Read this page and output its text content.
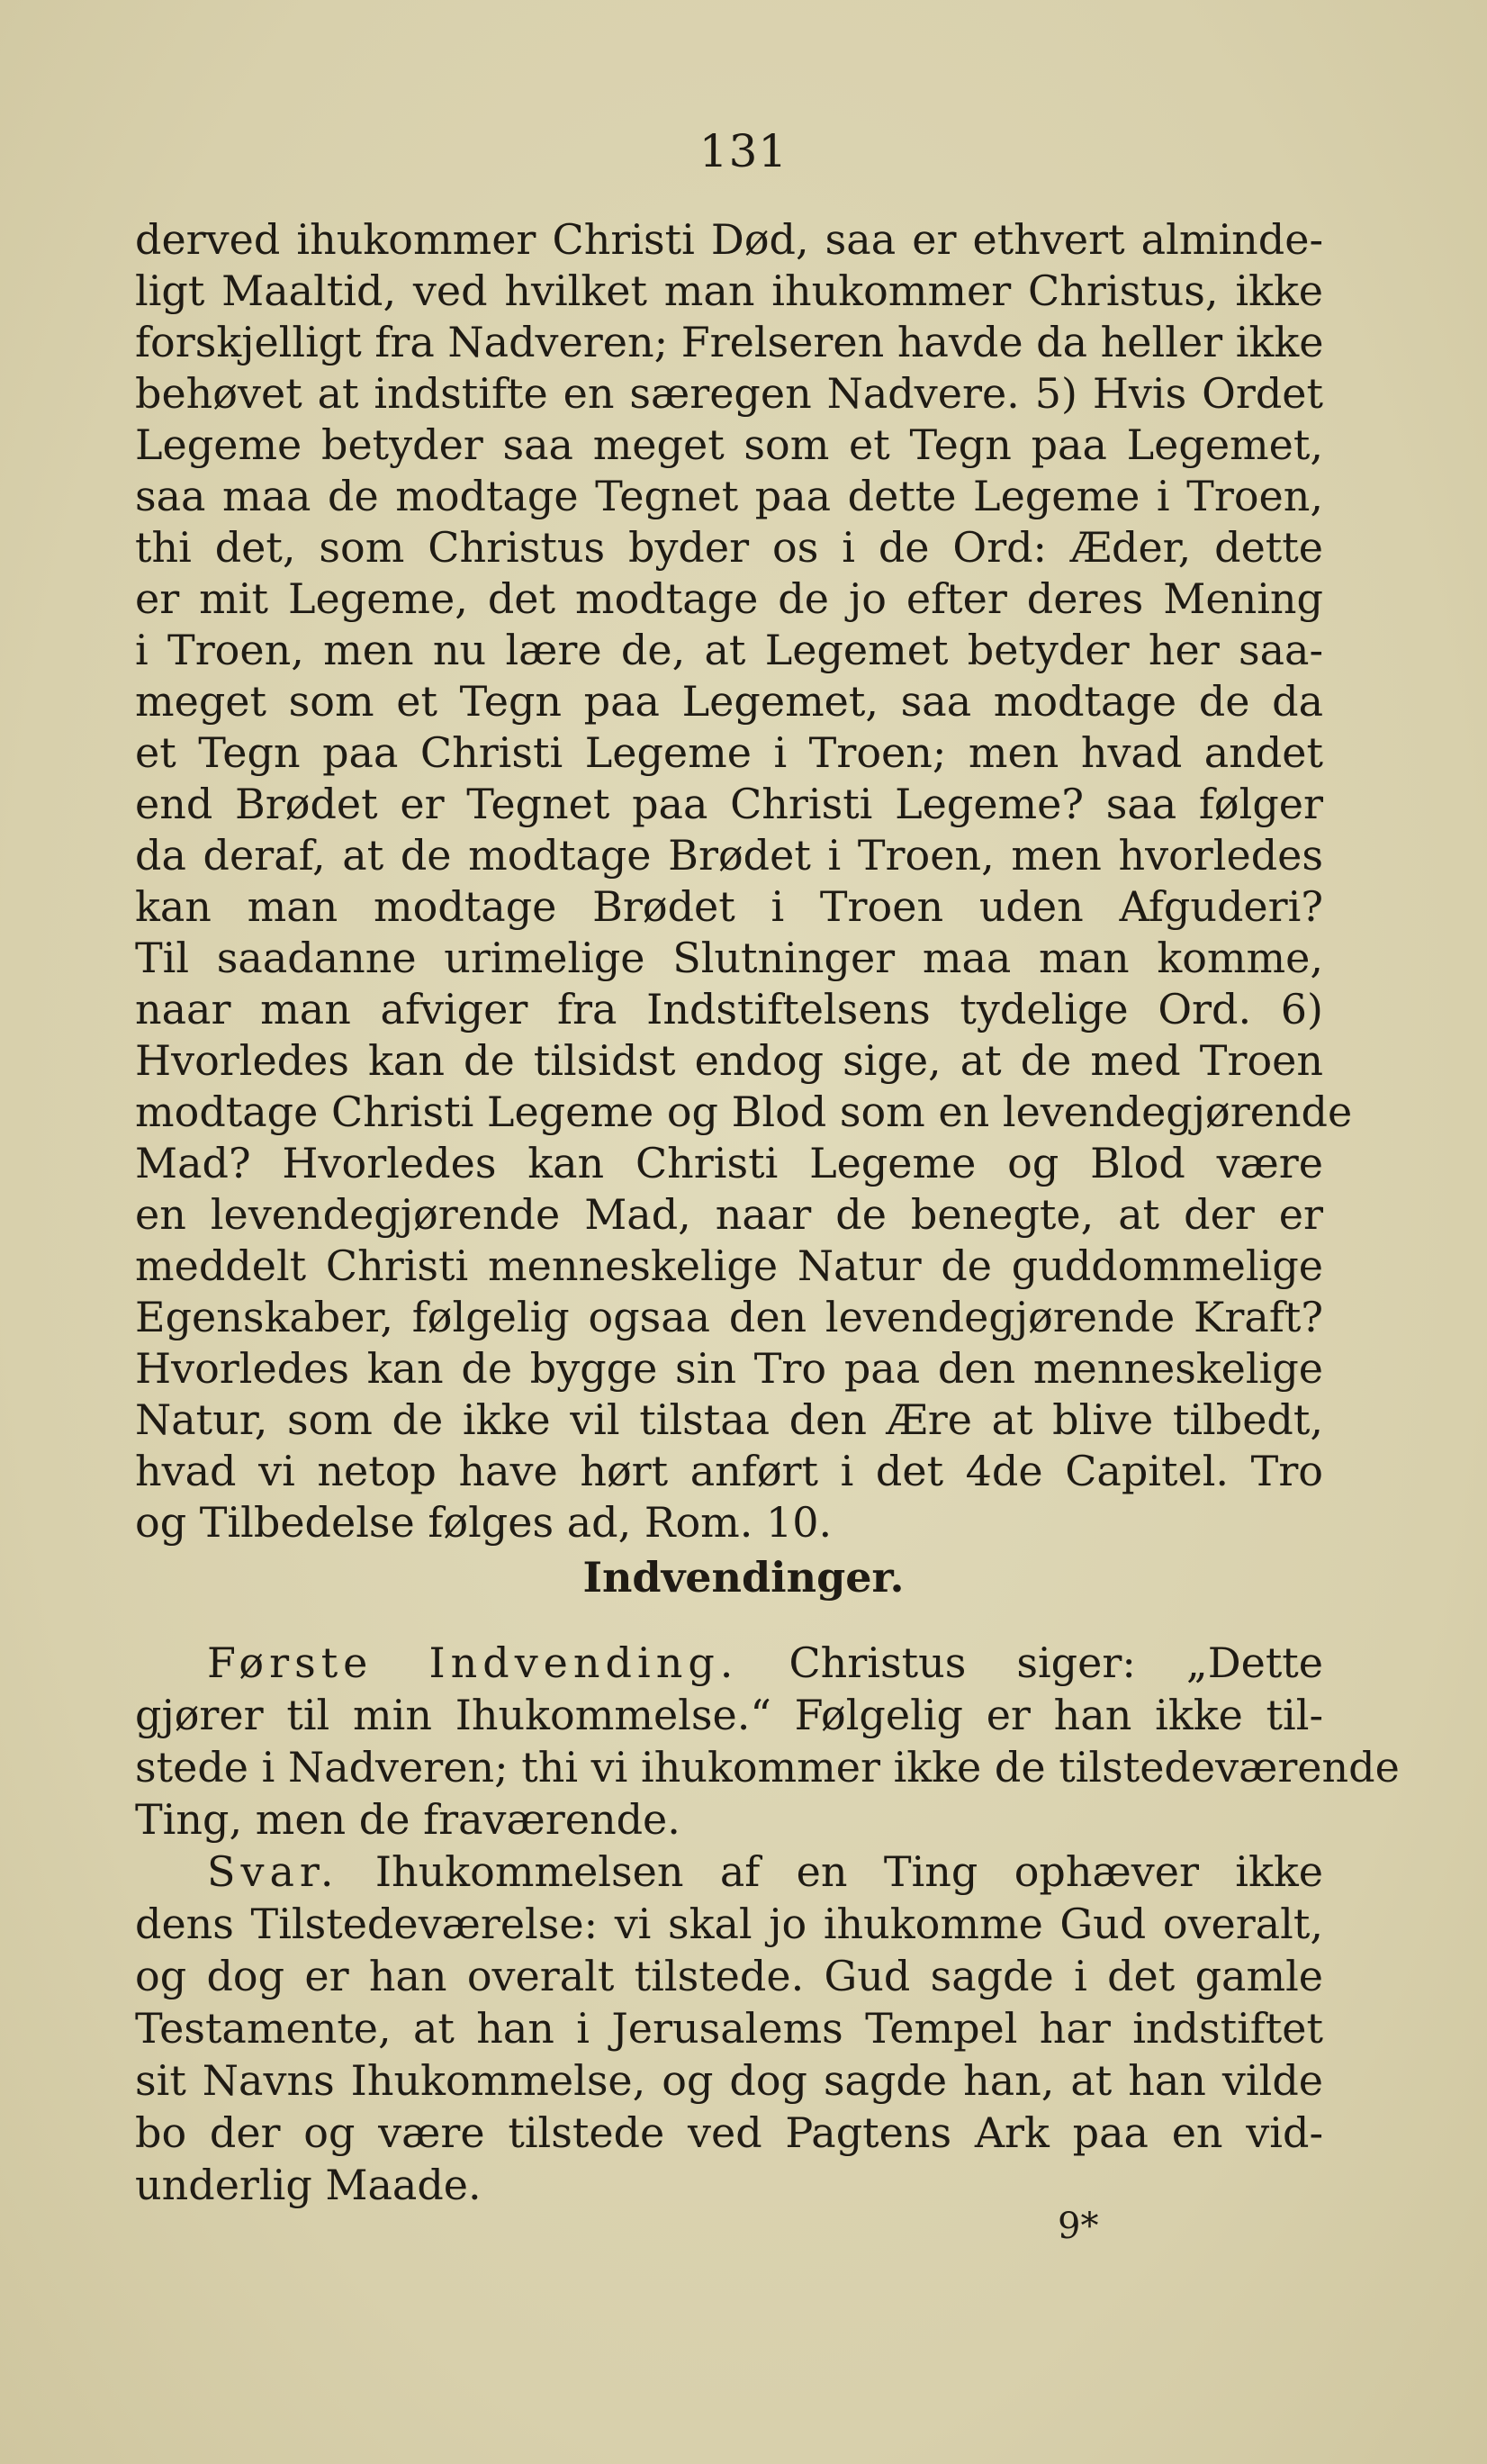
131
derved ihukommer Christi Død, saa er ethvert alminde-
ligt Maaltid, ved hvilket man ihukommer Christus, ikke
forskjelligt fra Nadveren; Frelseren havde da heller ikke
behøvet at indstifte en særegen Nadvere. 5) Hvis Ordet
Legeme betyder saa meget som et Tegn paa Legemet,
saa maa de modtage Tegnet paa dette Legeme i Troen,
thi det, som Christus byder os i de Ord: Æder, dette
er mit Legeme, det modtage de jo efter deres Mening
i Troen, men nu lære de, at Legemet betyder her saa-
meget som et Tegn paa Legemet, saa modtage de da
et Tegn paa Christi Legeme i Troen; men hvad andet
end Brødet er Tegnet paa Christi Legeme? saa følger
da deraf, at de modtage Brødet i Troen, men hvorledes
kan man modtage Brødet i Troen uden Afguderi?
Til saadanne urimelige Slutninger maa man komme,
naar man afviger fra Indstiftelsens tydelige Ord. 6)
Hvorledes kan de tilsidst endog sige, at de med Troen
modtage Christi Legeme og Blod som en levendegjørende
Mad? Hvorledes kan Christi Legeme og Blod være
en levendegjørende Mad, naar de benegte, at der er
meddelt Christi menneskelige Natur de guddommelige
Egenskaber, følgelig ogsaa den levendegjørende Kraft?
Hvorledes kan de bygge sin Tro paa den menneskelige
Natur, som de ikke vil tilstaa den Ære at blive tilbedt,
hvad vi netop have hørt anført i det 4de Capitel. Tro
og Tilbedelse følges ad, Rom. 10.
Indvendinger.
Første Indvending. Christus siger: „Dette
gjører til min Ihukommelse.“ Følgelig er han ikke til-
stede i Nadveren; thi vi ihukommer ikke de tilstedeværende
Ting, men de fraværende.
Svar. Ihukommelsen af en Ting ophæver ikke
dens Tilstedeværelse: vi skal jo ihukomme Gud overalt,
og dog er han overalt tilstede. Gud sagde i det gamle
Testamente, at han i Jerusalems Tempel har indstiftet
sit Navns Ihukommelse, og dog sagde han, at han vilde
bo der og være tilstede ved Pagtens Ark paa en vid-
underlig Maade.
9*
